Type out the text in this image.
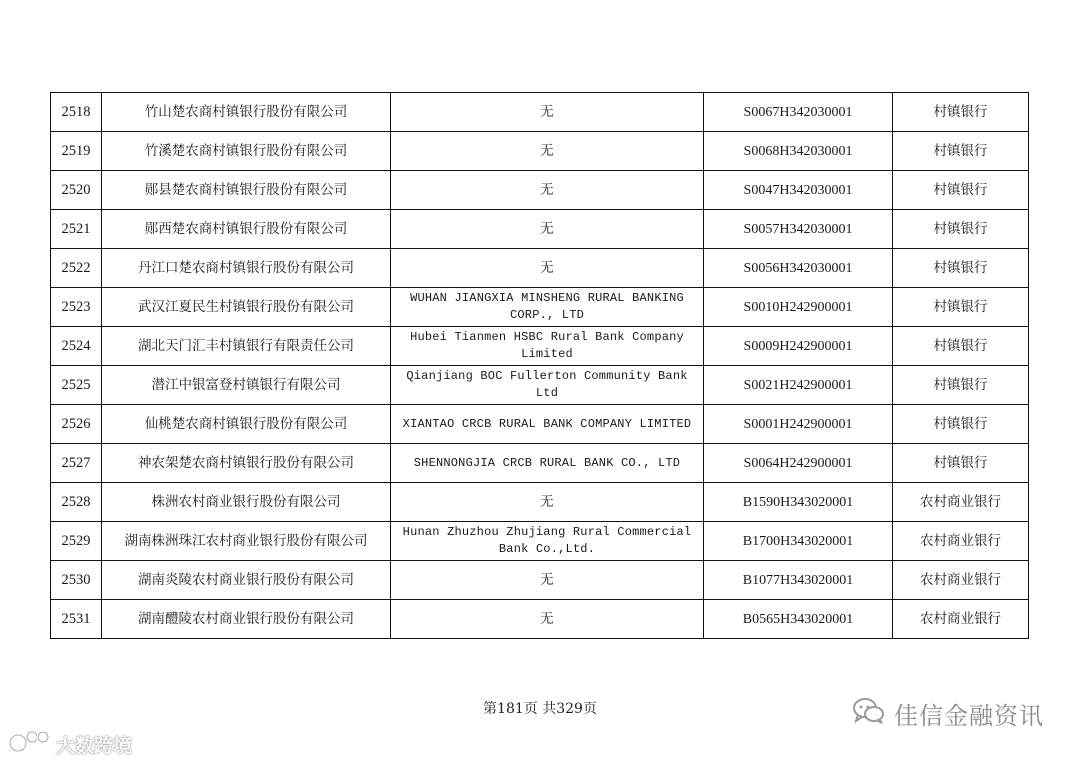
2518	竹山楚农商村镇银行股份有限公司	无	S0067H342030001	村镇银行
2519	竹溪楚农商村镇银行股份有限公司	无	S0068H342030001	村镇银行
2520	郧县楚农商村镇银行股份有限公司	无	S0047H342030001	村镇银行
2521	郧西楚农商村镇银行股份有限公司	无	S0057H342030001	村镇银行
2522	丹江口楚农商村镇银行股份有限公司	无	S0056H342030001	村镇银行
2523	武汉江夏民生村镇银行股份有限公司	WUHAN JIANGXIA MINSHENG RURAL BANKING CORP., LTD	S0010H242900001	村镇银行
2524	湖北天门汇丰村镇银行有限责任公司	Hubei Tianmen HSBC Rural Bank Company Limited	S0009H242900001	村镇银行
2525	潜江中银富登村镇银行有限公司	Qianjiang BOC Fullerton Community Bank Ltd	S0021H242900001	村镇银行
2526	仙桃楚农商村镇银行股份有限公司	XIANTAO CRCB RURAL BANK COMPANY LIMITED	S0001H242900001	村镇银行
2527	神农架楚农商村镇银行股份有限公司	SHENNONGJIA CRCB RURAL BANK CO., LTD	S0064H242900001	村镇银行
2528	株洲农村商业银行股份有限公司	无	B1590H343020001	农村商业银行
2529	湖南株洲珠江农村商业银行股份有限公司	Hunan Zhuzhou Zhujiang Rural Commercial Bank Co.,Ltd.	B1700H343020001	农村商业银行
2530	湖南炎陵农村商业银行股份有限公司	无	B1077H343020001	农村商业银行
2531	湖南醴陵农村商业银行股份有限公司	无	B0565H343020001	农村商业银行
第181页 共329页	佳信金融资讯
大数跨境
